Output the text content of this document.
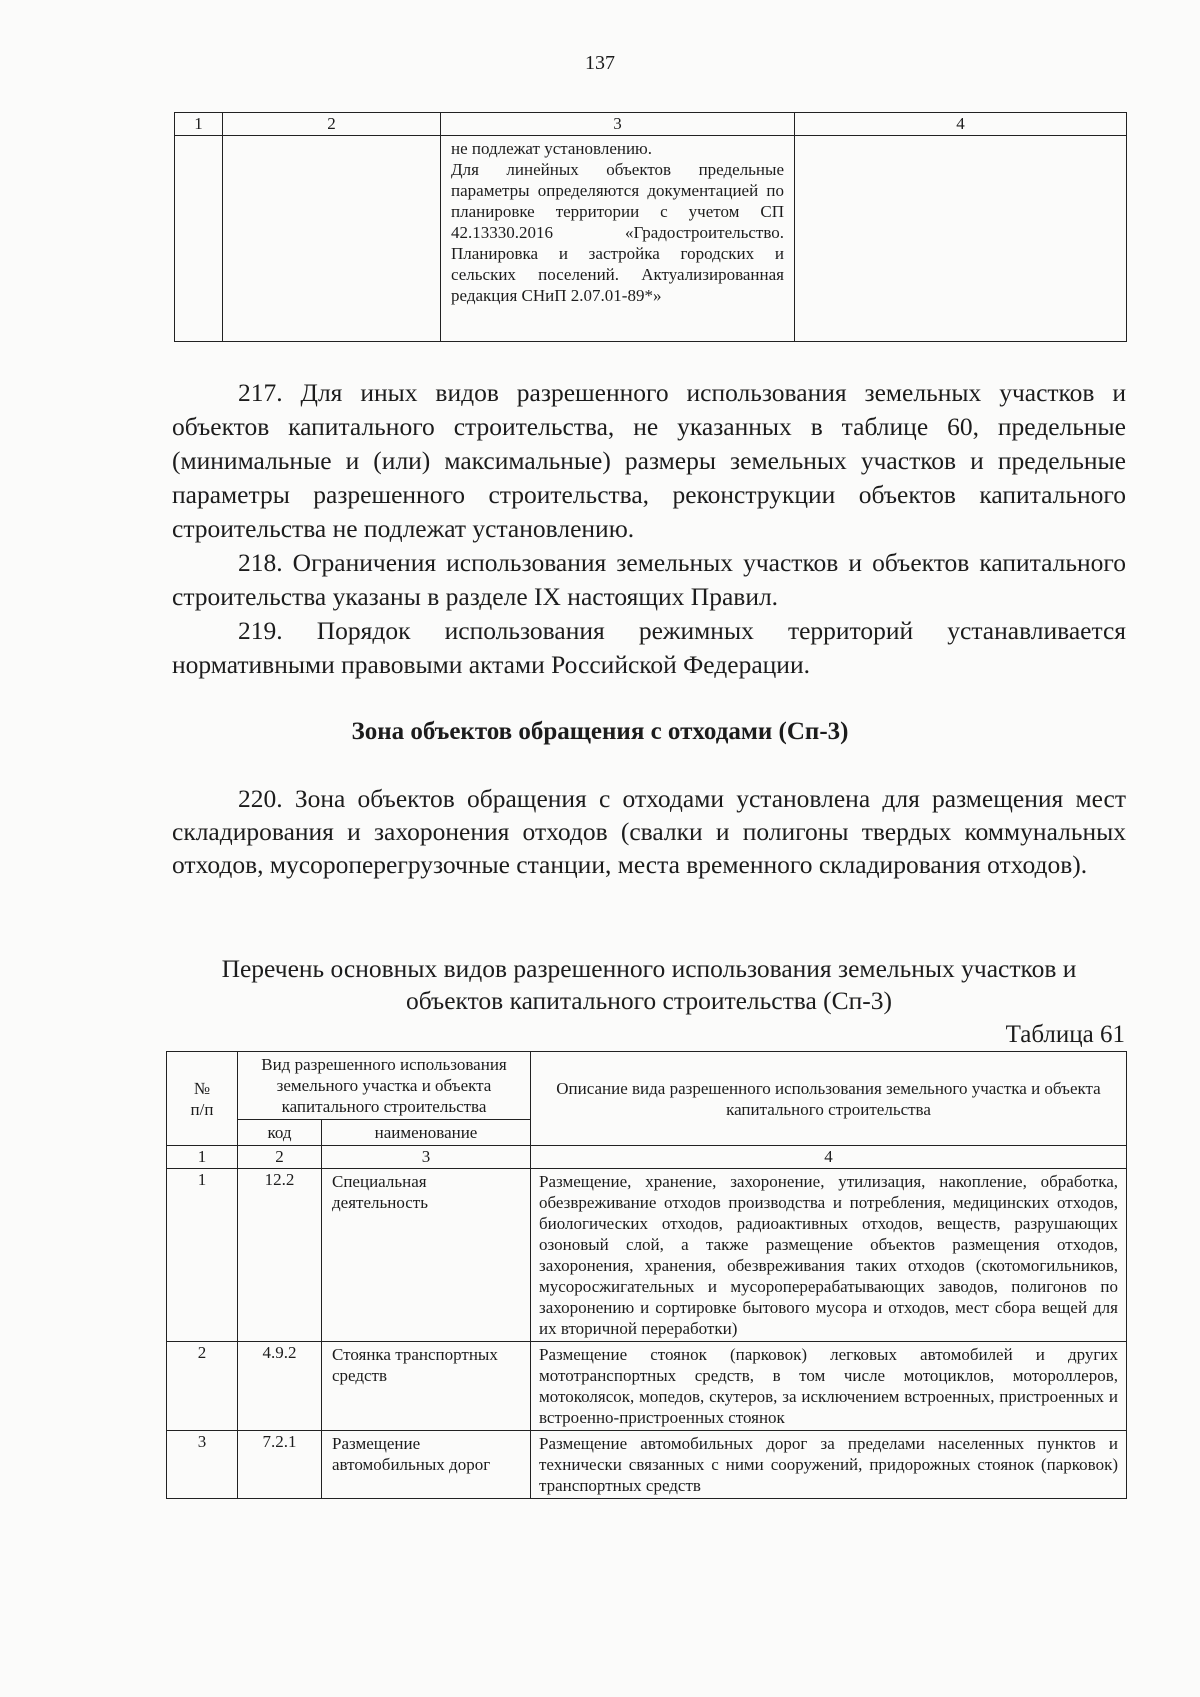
137
1	2	3	4

		не подлежат установлению.
Для линейных объектов предельные параметры определяются документацией по планировке территории с учетом СП 42.13330.2016 «Градостроительство. Планировка и застройка городских и сельских поселений. Актуализированная редакция СНиП 2.07.01-89*»	

217. Для иных видов разрешенного использования земельных участков и объектов капитального строительства, не указанных в таблице 60, предельные (минимальные и (или) максимальные) размеры земельных участков и предельные параметры разрешенного строительства, реконструкции объектов капитального строительства не подлежат установлению.

218. Ограничения использования земельных участков и объектов капитального строительства указаны в разделе IX настоящих Правил.

219. Порядок использования режимных территорий устанавливается нормативными правовыми актами Российской Федерации.

Зона объектов обращения с отходами (Сп-3)

220. Зона объектов обращения с отходами установлена для размещения мест складирования и захоронения отходов (свалки и полигоны твердых коммунальных отходов, мусороперегрузочные станции, места временного складирования отходов).

Перечень основных видов разрешенного использования земельных участков и объектов капитального строительства (Сп-3)

Таблица 61

№ п/п	Вид разрешенного использования земельного участка и объекта капитального строительства		Описание вида разрешенного использования земельного участка и объекта капитального строительства
	код	наименование	
1	2	3	4
1	12.2	Специальная деятельность	Размещение, хранение, захоронение, утилизация, накопление, обработка, обезвреживание отходов производства и потребления, медицинских отходов, биологических отходов, радиоактивных отходов, веществ, разрушающих озоновый слой, а также размещение объектов размещения отходов, захоронения, хранения, обезвреживания таких отходов (скотомогильников, мусоросжигательных и мусороперерабатывающих заводов, полигонов по захоронению и сортировке бытового мусора и отходов, мест сбора вещей для их вторичной переработки)
2	4.9.2	Стоянка транспортных средств	Размещение стоянок (парковок) легковых автомобилей и других мототранспортных средств, в том числе мотоциклов, мотороллеров, мотоколясок, мопедов, скутеров, за исключением встроенных, пристроенных и встроенно-пристроенных стоянок
3	7.2.1	Размещение автомобильных дорог	Размещение автомобильных дорог за пределами населенных пунктов и технически связанных с ними сооружений, придорожных стоянок (парковок) транспортных средств
